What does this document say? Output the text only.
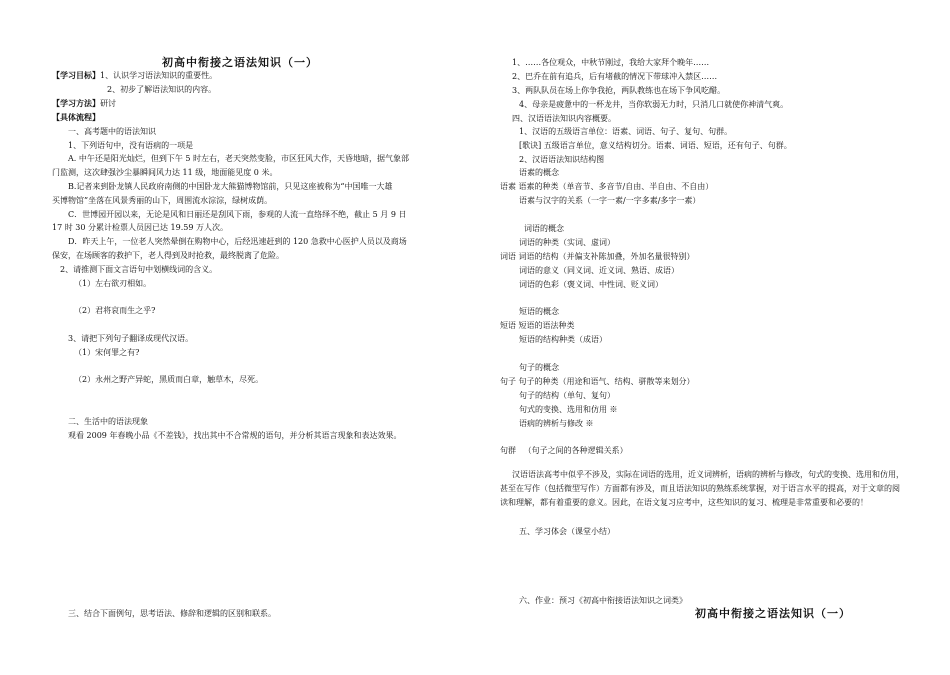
初高中衔接之语法知识（一）
【学习目标】1、认识学习语法知识的重要性。
2、初步了解语法知识的内容。
【学习方法】研讨
【具体流程】
一、高考题中的语法知识
1、下列语句中，没有语病的一项是
A. 中午还是阳光灿烂，但到下午 5 时左右，老天突然变脸，市区狂风大作，天昏地暗，据气象部
门监测，这次肆强沙尘暴瞬间风力达 11 级，地面能见度 0 米。
B.记者来到卧龙镇人民政府南侧的中国卧龙大熊猫博物馆前，只见这座被称为“中国唯一大雄
买博物馆”坐落在风景秀丽的山下，周围流水淙淙，绿树成荫。
C．世博园开园以来，无论是风和日丽还是刮风下雨，参观的人流一直络绎不绝，截止 5 月 9 日
17 时 30 分累计检票人员因已达 19.59 万人次。
D．昨天上午，一位老人突然晕倒在购物中心，后经迅速赶到的 120 急救中心医护人员以及商场
保安，在场顾客的救护下，老人得到及时抢救，最终脱离了危险。
2、请推测下面文言语句中划横线词的含义。
（1）左右欲刃相如。
（2）君将哀而生之乎?
3、请把下列句子翻译成现代汉语。
（1）宋何罪之有?
（2）永州之野产异蛇，黑质而白章，触草木，尽死。
二、生活中的语法现象
观看 2009 年春晚小品《不差钱》，找出其中不合常规的语句，并分析其语言现象和表达效果。
三、结合下面例句，思考语法、修辞和逻辑的区别和联系。
1、……各位观众，中秋节刚过，我给大家拜个晚年……
2、巴乔在前有追兵，后有堵截的情况下带球冲入禁区……
3、两队队员在场上你争我抢，两队教练也在场下争风吃醋。
4、母亲是疲惫中的一杯龙井，当你软弱无力时，只消几口就使你神清气爽。
四、汉语语法知识内容概要。
1、汉语的五级语言单位：语素、词语、句子、复句、句群。
[歌诀] 五级语言单位，意义结构切分。语素、词语、短语，还有句子、句群。
2、汉语语法知识结构图
语素的概念
语素 语素的种类（单音节、多音节/自由、半自由、不自由）
语素与汉字的关系（一字一素/一字多素/多字一素）
词语的概念
词语的种类（实词、虚词）
词语 词语的结构（并偏支补陈加叠，外加名量很特别）
词语的意义（同义词、近义词、熟语、成语）
词语的色彩（褒义词、中性词、贬义词）
短语的概念
短语 短语的语法种类
短语的结构种类（成语）
句子的概念
句子 句子的种类（用途和语气、结构、骈散等来划分）
句子的结构（单句、复句）
句式的变换、选用和仿用 ※
语病的辨析与修改 ※
句群 （句子之间的各种逻辑关系）
汉语语法高考中似乎不涉及，实际在词语的选用，近义词辨析，语病的辨析与修改，句式的变换、选用和仿用，甚至在写作（包括微型写作）方面都有涉及，而且语法知识的熟练系统掌握，对于语言水平的提高，对于文章的阅读和理解，都有着重要的意义。因此，在语文复习应考中，这些知识的复习、梳理是非常重要和必要的！
五、学习体会（课堂小结）
六、作业：预习《初高中衔接语法知识之词类》
初高中衔接之语法知识（一）
